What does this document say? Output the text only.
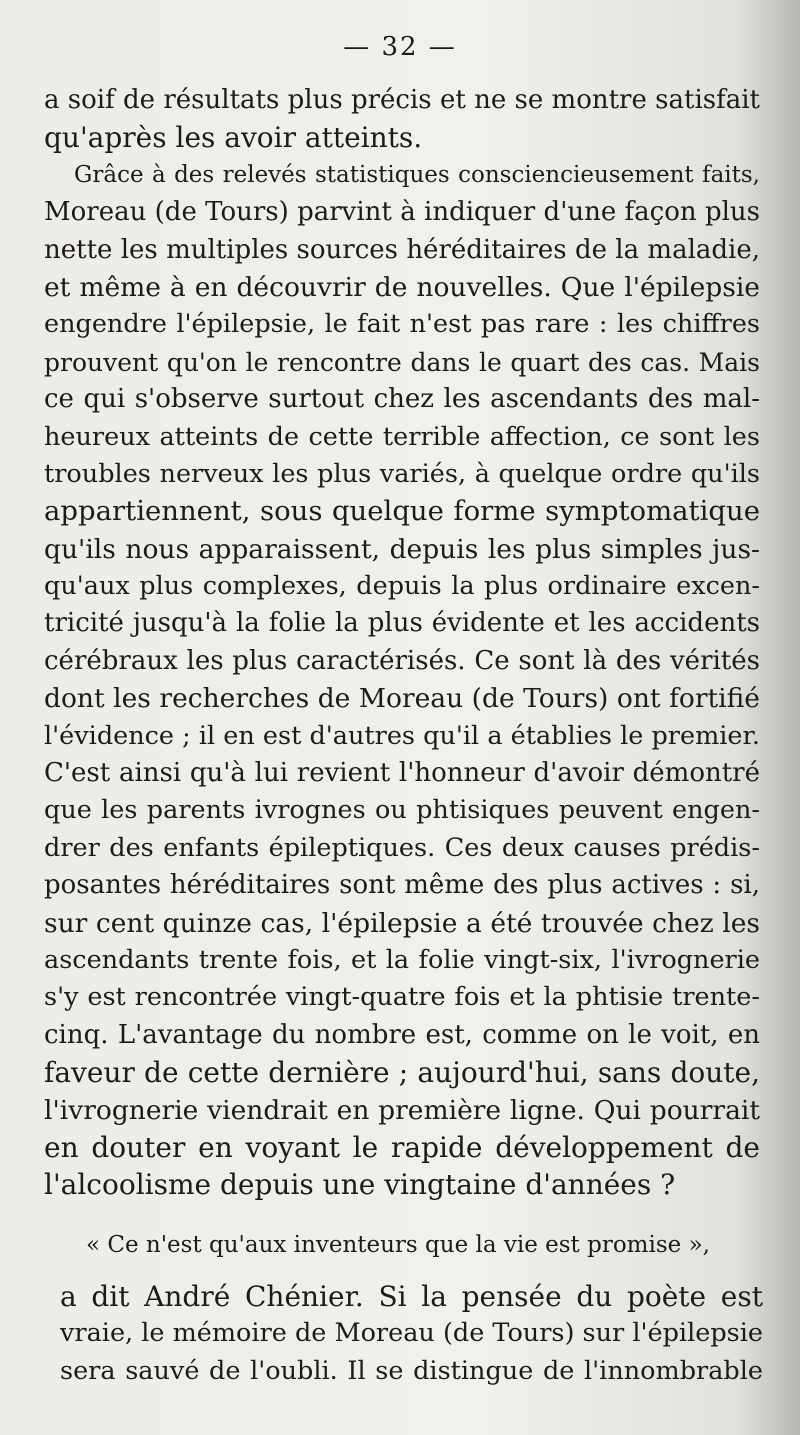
— 32 —
a soif de résultats plus précis et ne se montre satisfait
qu'après les avoir atteints.
Grâce à des relevés statistiques consciencieusement faits,
Moreau (de Tours) parvint à indiquer d'une façon plus
nette les multiples sources héréditaires de la maladie,
et même à en découvrir de nouvelles. Que l'épilepsie
engendre l'épilepsie, le fait n'est pas rare : les chiffres
prouvent qu'on le rencontre dans le quart des cas. Mais
ce qui s'observe surtout chez les ascendants des mal-
heureux atteints de cette terrible affection, ce sont les
troubles nerveux les plus variés, à quelque ordre qu'ils
appartiennent, sous quelque forme symptomatique
qu'ils nous apparaissent, depuis les plus simples jus-
qu'aux plus complexes, depuis la plus ordinaire excen-
tricité jusqu'à la folie la plus évidente et les accidents
cérébraux les plus caractérisés. Ce sont là des vérités
dont les recherches de Moreau (de Tours) ont fortifié
l'évidence ; il en est d'autres qu'il a établies le premier.
C'est ainsi qu'à lui revient l'honneur d'avoir démontré
que les parents ivrognes ou phtisiques peuvent engen-
drer des enfants épileptiques. Ces deux causes prédis-
posantes héréditaires sont même des plus actives : si,
sur cent quinze cas, l'épilepsie a été trouvée chez les
ascendants trente fois, et la folie vingt-six, l'ivrognerie
s'y est rencontrée vingt-quatre fois et la phtisie trente-
cinq. L'avantage du nombre est, comme on le voit, en
faveur de cette dernière ; aujourd'hui, sans doute,
l'ivrognerie viendrait en première ligne. Qui pourrait
en douter en voyant le rapide développement de
l'alcoolisme depuis une vingtaine d'années ?
« Ce n'est qu'aux inventeurs que la vie est promise »,
a dit André Chénier. Si la pensée du poète est
vraie, le mémoire de Moreau (de Tours) sur l'épilepsie
sera sauvé de l'oubli. Il se distingue de l'innombrable
